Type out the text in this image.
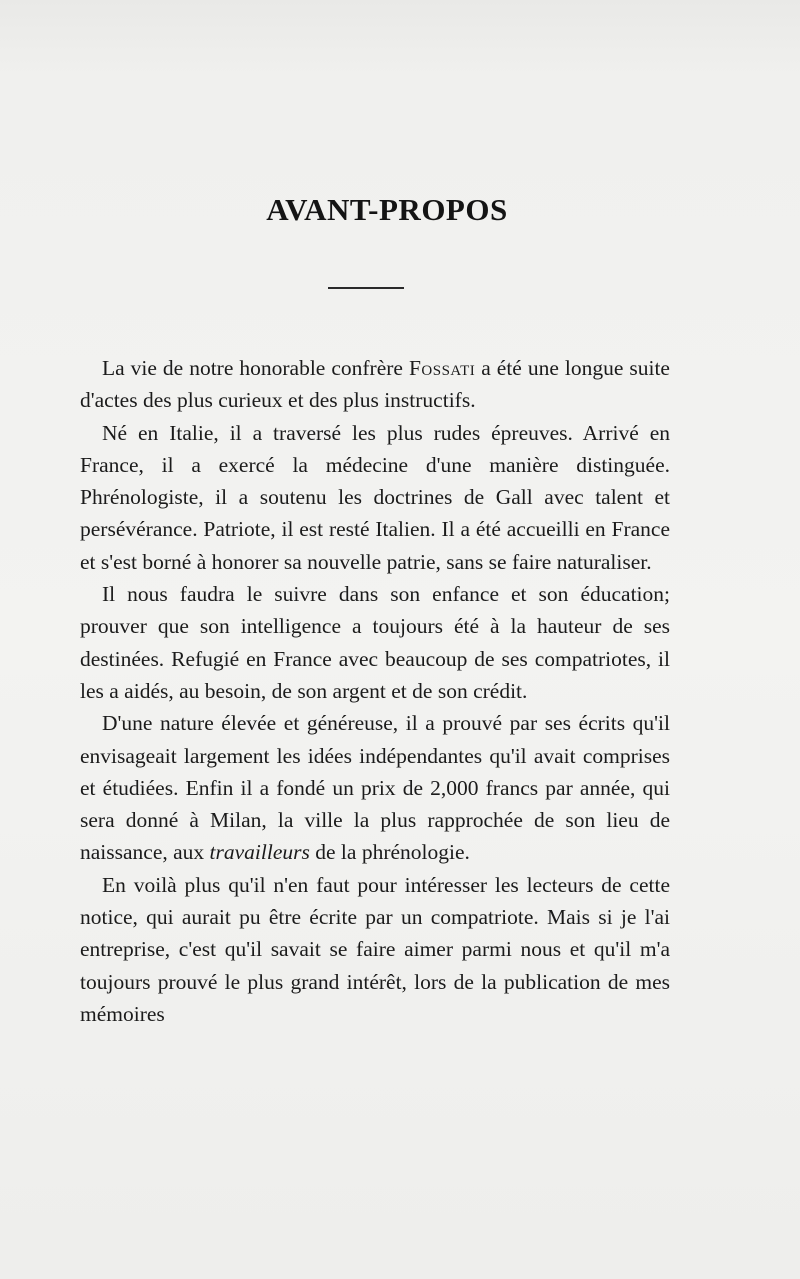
AVANT-PROPOS

La vie de notre honorable confrère Fossati a été une longue suite d'actes des plus curieux et des plus instructifs.

Né en Italie, il a traversé les plus rudes épreuves. Arrivé en France, il a exercé la médecine d'une manière distinguée. Phrénologiste, il a soutenu les doctrines de Gall avec talent et persévérance. Patriote, il est resté Italien. Il a été accueilli en France et s'est borné à honorer sa nouvelle patrie, sans se faire naturaliser.

Il nous faudra le suivre dans son enfance et son éducation; prouver que son intelligence a toujours été à la hauteur de ses destinées. Refugié en France avec beaucoup de ses compatriotes, il les a aidés, au besoin, de son argent et de son crédit.

D'une nature élevée et généreuse, il a prouvé par ses écrits qu'il envisageait largement les idées indépendantes qu'il avait comprises et étudiées. Enfin il a fondé un prix de 2,000 francs par année, qui sera donné à Milan, la ville la plus rapprochée de son lieu de naissance, aux travailleurs de la phrénologie.

En voilà plus qu'il n'en faut pour intéresser les lecteurs de cette notice, qui aurait pu être écrite par un compatriote. Mais si je l'ai entreprise, c'est qu'il savait se faire aimer parmi nous et qu'il m'a toujours prouvé le plus grand intérêt, lors de la publication de mes mémoires
